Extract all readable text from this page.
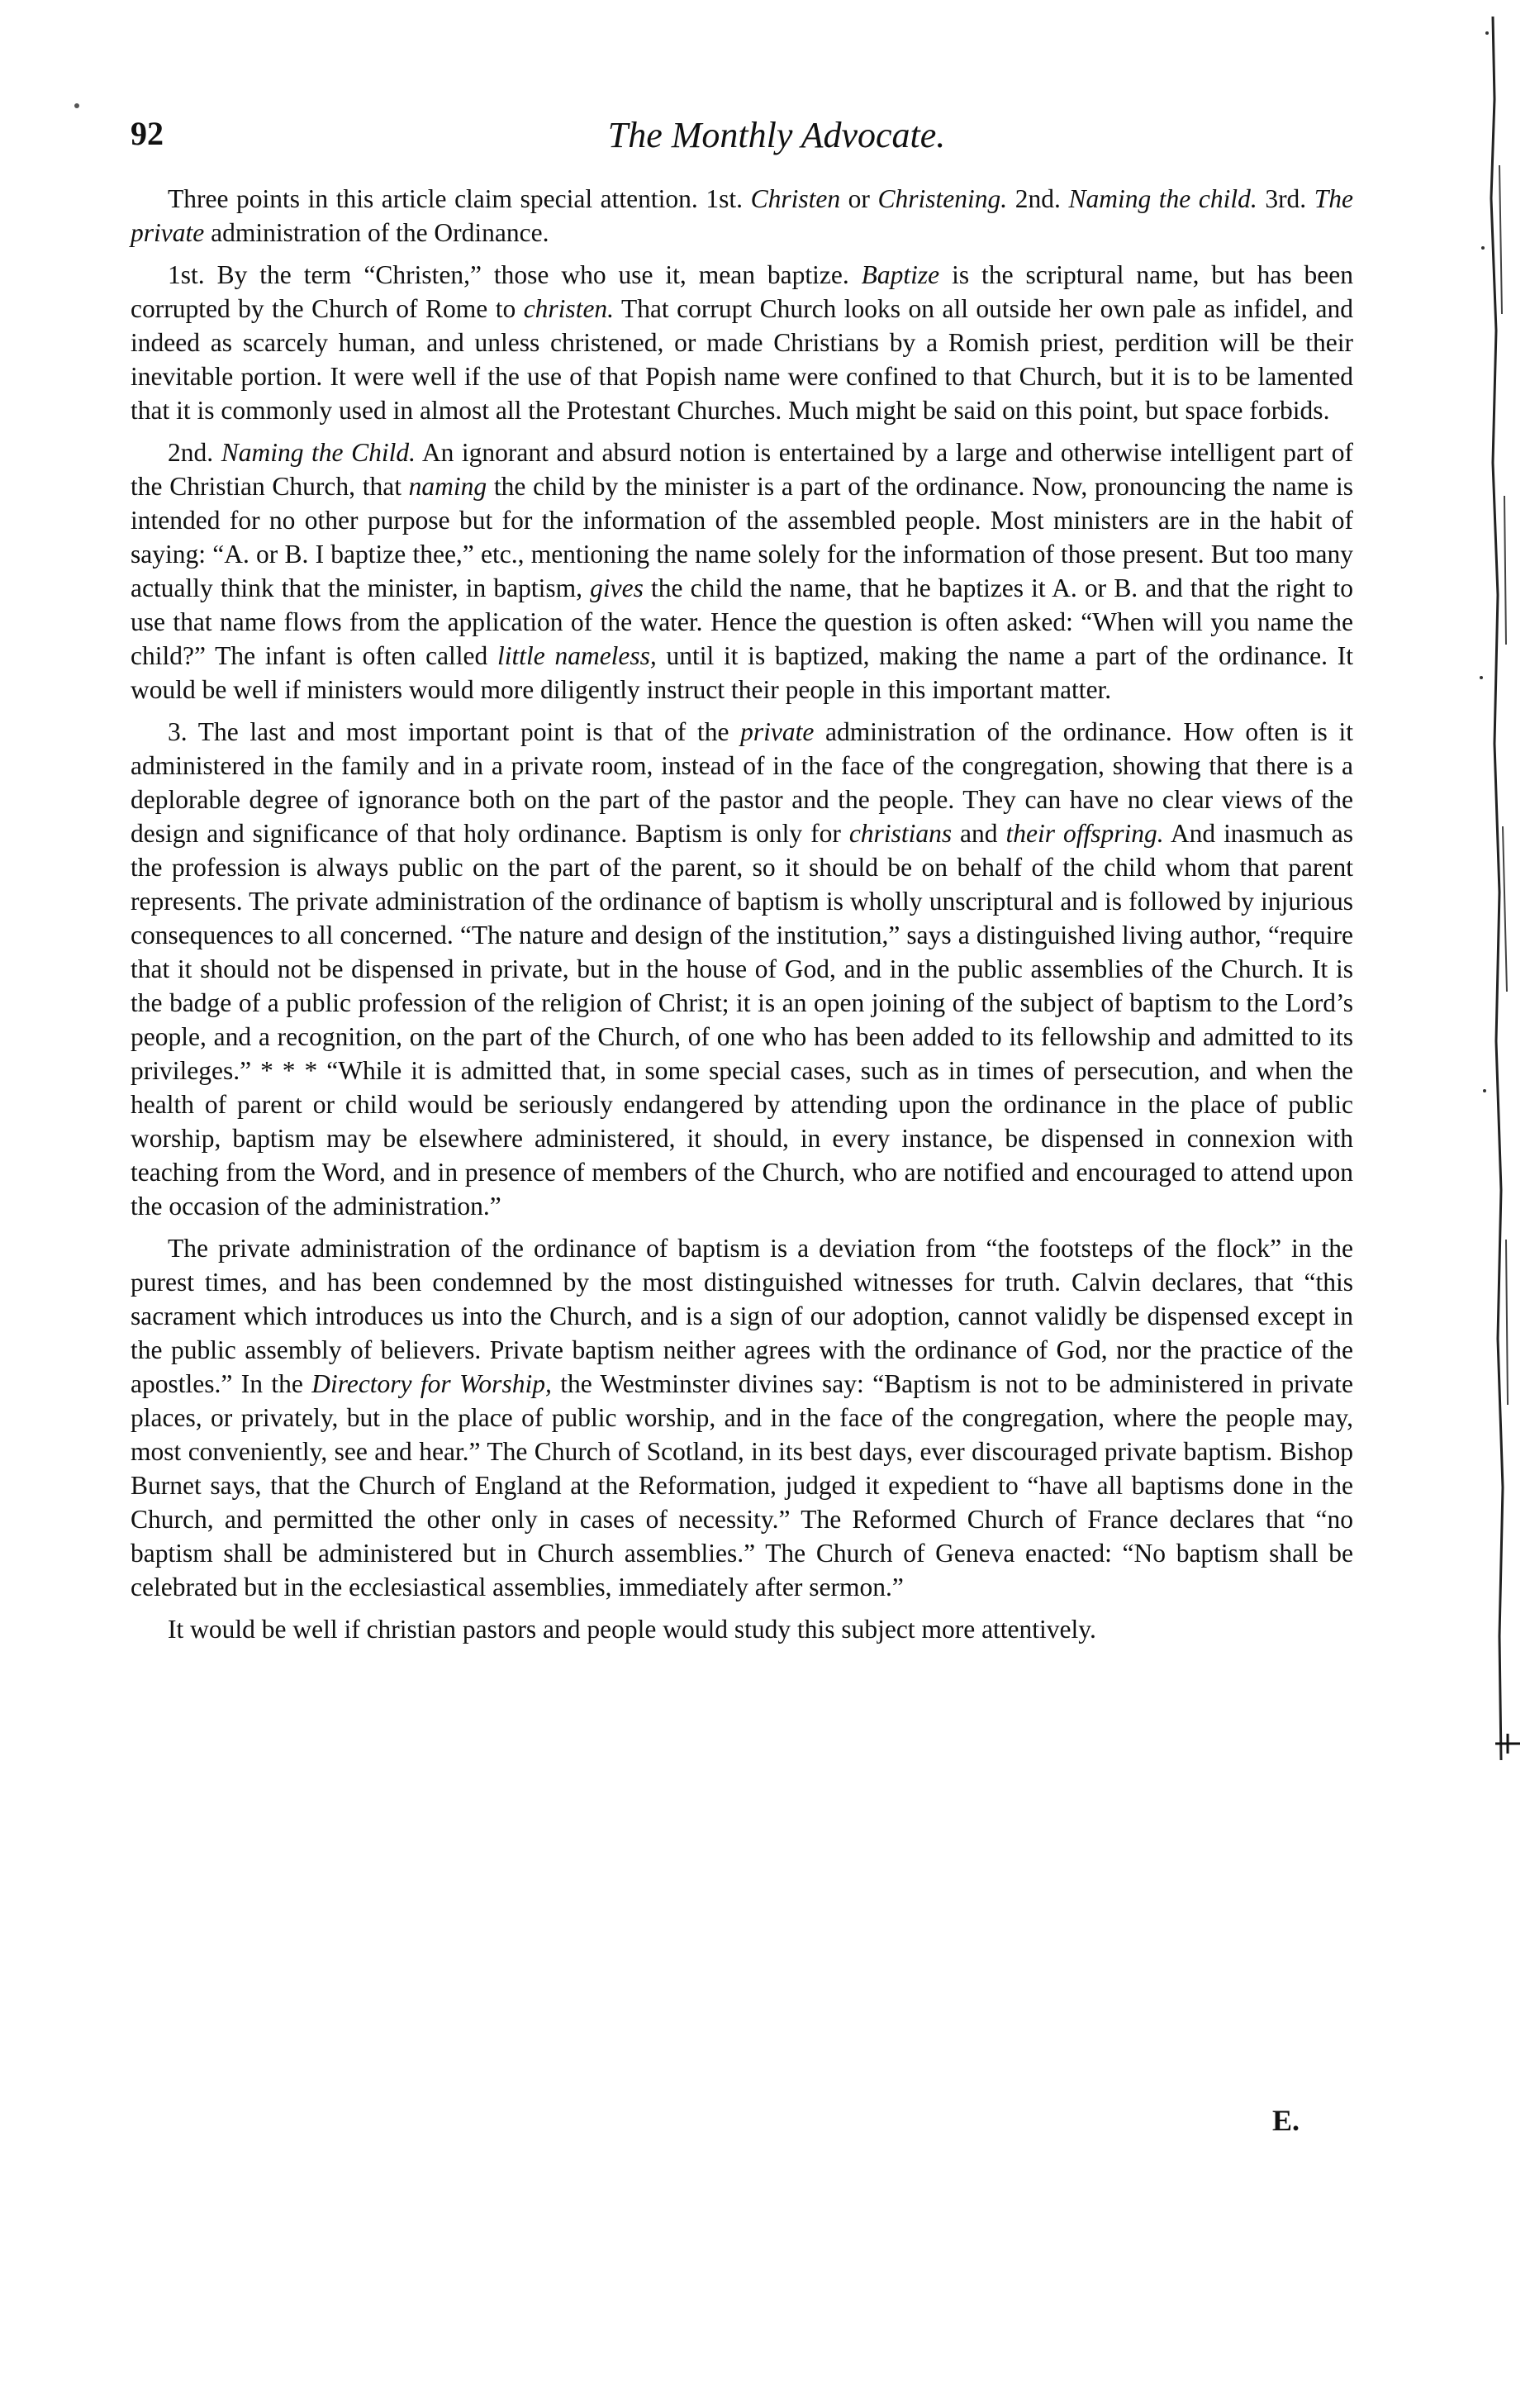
92	The Monthly Advocate.

Three points in this article claim special attention. 1st. Christen or Christening. 2nd. Naming the child. 3rd. The private administration of the Ordinance.

1st. By the term “Christen,” those who use it, mean baptize. Baptize is the scriptural name, but has been corrupted by the Church of Rome to christen. That corrupt Church looks on all outside her own pale as infidel, and indeed as scarcely human, and unless christened, or made Christians by a Romish priest, perdition will be their inevitable portion. It were well if the use of that Popish name were confined to that Church, but it is to be lamented that it is commonly used in almost all the Protestant Churches. Much might be said on this point, but space forbids.

2nd. Naming the Child. An ignorant and absurd notion is entertained by a large and otherwise intelligent part of the Christian Church, that naming the child by the minister is a part of the ordinance. Now, pronouncing the name is intended for no other purpose but for the information of the assembled people. Most ministers are in the habit of saying: “A. or B. I baptize thee,” etc., mentioning the name solely for the information of those present. But too many actually think that the minister, in baptism, gives the child the name, that he baptizes it A. or B. and that the right to use that name flows from the application of the water. Hence the question is often asked: “When will you name the child?” The infant is often called little nameless, until it is baptized, making the name a part of the ordinance. It would be well if ministers would more diligently instruct their people in this important matter.

3. The last and most important point is that of the private administration of the ordinance. How often is it administered in the family and in a private room, instead of in the face of the congregation, showing that there is a deplorable degree of ignorance both on the part of the pastor and the people. They can have no clear views of the design and significance of that holy ordinance. Baptism is only for christians and their offspring. And inasmuch as the profession is always public on the part of the parent, so it should be on behalf of the child whom that parent represents. The private administration of the ordinance of baptism is wholly unscriptural and is followed by injurious consequences to all concerned. “The nature and design of the institution,” says a distinguished living author, “require that it should not be dispensed in private, but in the house of God, and in the public assemblies of the Church. It is the badge of a public profession of the religion of Christ; it is an open joining of the subject of baptism to the Lord’s people, and a recognition, on the part of the Church, of one who has been added to its fellowship and admitted to its privileges.” * * * “While it is admitted that, in some special cases, such as in times of persecution, and when the health of parent or child would be seriously endangered by attending upon the ordinance in the place of public worship, baptism may be elsewhere administered, it should, in every instance, be dispensed in connexion with teaching from the Word, and in presence of members of the Church, who are notified and encouraged to attend upon the occasion of the administration.”

The private administration of the ordinance of baptism is a deviation from “the footsteps of the flock” in the purest times, and has been condemned by the most distinguished witnesses for truth. Calvin declares, that “this sacrament which introduces us into the Church, and is a sign of our adoption, cannot validly be dispensed except in the public assembly of believers. Private baptism neither agrees with the ordinance of God, nor the practice of the apostles.” In the Directory for Worship, the Westminster divines say: “Baptism is not to be administered in private places, or privately, but in the place of public worship, and in the face of the congregation, where the people may, most conveniently, see and hear.” The Church of Scotland, in its best days, ever discouraged private baptism. Bishop Burnet says, that the Church of England at the Reformation, judged it expedient to “have all baptisms done in the Church, and permitted the other only in cases of necessity.” The Reformed Church of France declares that “no baptism shall be administered but in Church assemblies.” The Church of Geneva enacted: “No baptism shall be celebrated but in the ecclesiastical assemblies, immediately after sermon.”

It would be well if christian pastors and people would study this subject more attentively.

E.
